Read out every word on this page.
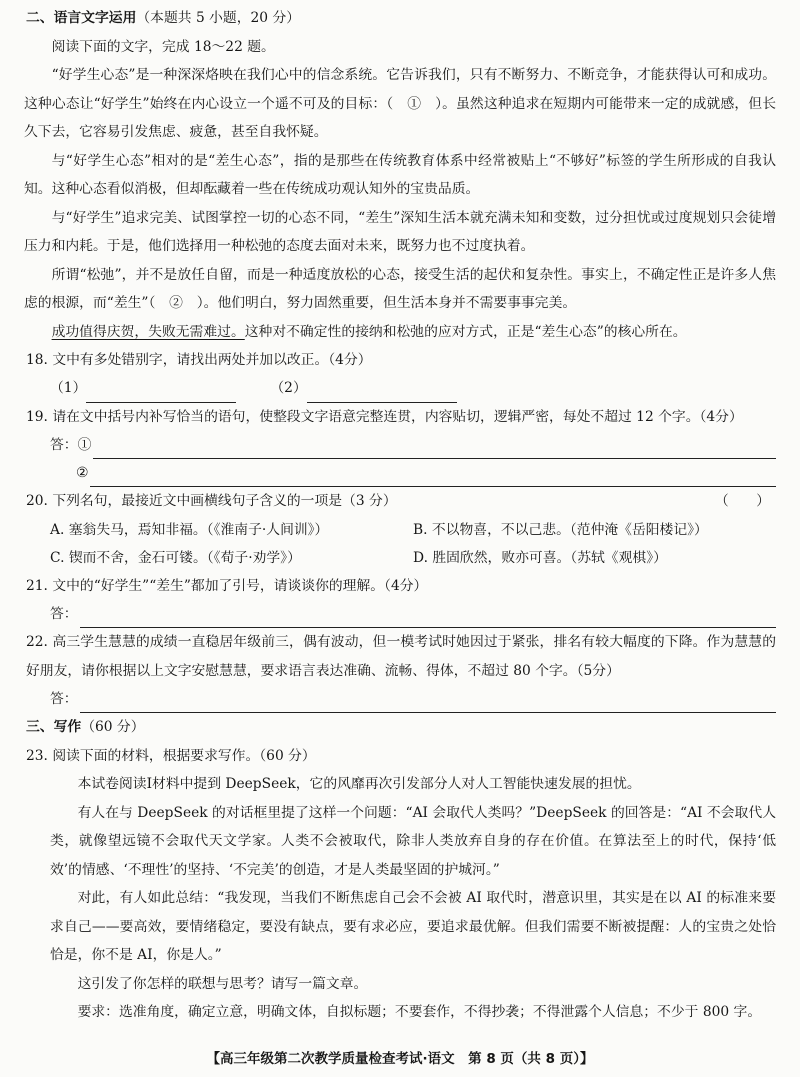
二、语言文字运用（本题共 5 小题，20 分）

阅读下面的文字，完成 18～22 题。

“好学生心态”是一种深深烙映在我们心中的信念系统。它告诉我们，只有不断努力、不断竞争，才能获得认可和成功。这种心态让“好学生”始终在内心设立一个遥不可及的目标：（　①　）。虽然这种追求在短期内可能带来一定的成就感，但长久下去，它容易引发焦虑、疲惫，甚至自我怀疑。

与“好学生心态”相对的是“差生心态”，指的是那些在传统教育体系中经常被贴上“不够好”标签的学生所形成的自我认知。这种心态看似消极，但却酝藏着一些在传统成功观认知外的宝贵品质。

与“好学生”追求完美、试图掌控一切的心态不同，“差生”深知生活本就充满未知和变数，过分担忧或过度规划只会徒增压力和内耗。于是，他们选择用一种松弛的态度去面对未来，既努力也不过度执着。

所谓“松弛”，并不是放任自留，而是一种适度放松的心态，接受生活的起伏和复杂性。事实上，不确定性正是许多人焦虑的根源，而“差生”（　②　）。他们明白，努力固然重要，但生活本身并不需要事事完美。

成功值得庆贺，失败无需难过。这种对不确定性的接纳和松弛的应对方式，正是“差生心态”的核心所在。

18. 文中有多处错别字，请找出两处并加以改正。（4分）

（1）	（2）

19. 请在文中括号内补写恰当的语句，使整段文字语意完整连贯，内容贴切，逻辑严密，每处不超过 12 个字。（4分）

答：①
②

20. 下列名句，最接近文中画横线句子含义的一项是（3 分）	（　　）

A. 塞翁失马，焉知非福。（《淮南子·人间训》）	B. 不以物喜，不以己悲。（范仲淹《岳阳楼记》）
C. 锲而不舍，金石可镂。（《荀子·劝学》）	D. 胜固欣然，败亦可喜。（苏轼《观棋》）

21. 文中的“好学生”“差生”都加了引号，请谈谈你的理解。（4分）

答：

22. 高三学生慧慧的成绩一直稳居年级前三，偶有波动，但一模考试时她因过于紧张，排名有较大幅度的下降。作为慧慧的好朋友，请你根据以上文字安慰慧慧，要求语言表达准确、流畅、得体，不超过 80 个字。（5分）

答：
三、写作（60 分）

23. 阅读下面的材料，根据要求写作。（60 分）

本试卷阅读Ⅰ材料中提到 DeepSeek，它的风靡再次引发部分人对人工智能快速发展的担忧。

有人在与 DeepSeek 的对话框里提了这样一个问题：“AI 会取代人类吗？”DeepSeek 的回答是：“AI 不会取代人类，就像望远镜不会取代天文学家。人类不会被取代，除非人类放弃自身的存在价值。在算法至上的时代，保持‘低效’的情感、‘不理性’的坚持、‘不完美’的创造，才是人类最坚固的护城河。”

对此，有人如此总结：“我发现，当我们不断焦虑自己会不会被 AI 取代时，潜意识里，其实是在以 AI 的标准来要求自己——要高效，要情绪稳定，要没有缺点，要有求必应，要追求最优解。但我们需要不断被提醒：人的宝贵之处恰恰是，你不是 AI，你是人。”

这引发了你怎样的联想与思考？请写一篇文章。

要求：选准角度，确定立意，明确文体，自拟标题；不要套作，不得抄袭；不得泄露个人信息；不少于 800 字。

【高三年级第二次教学质量检查考试·语文　第 8 页（共 8 页）】
